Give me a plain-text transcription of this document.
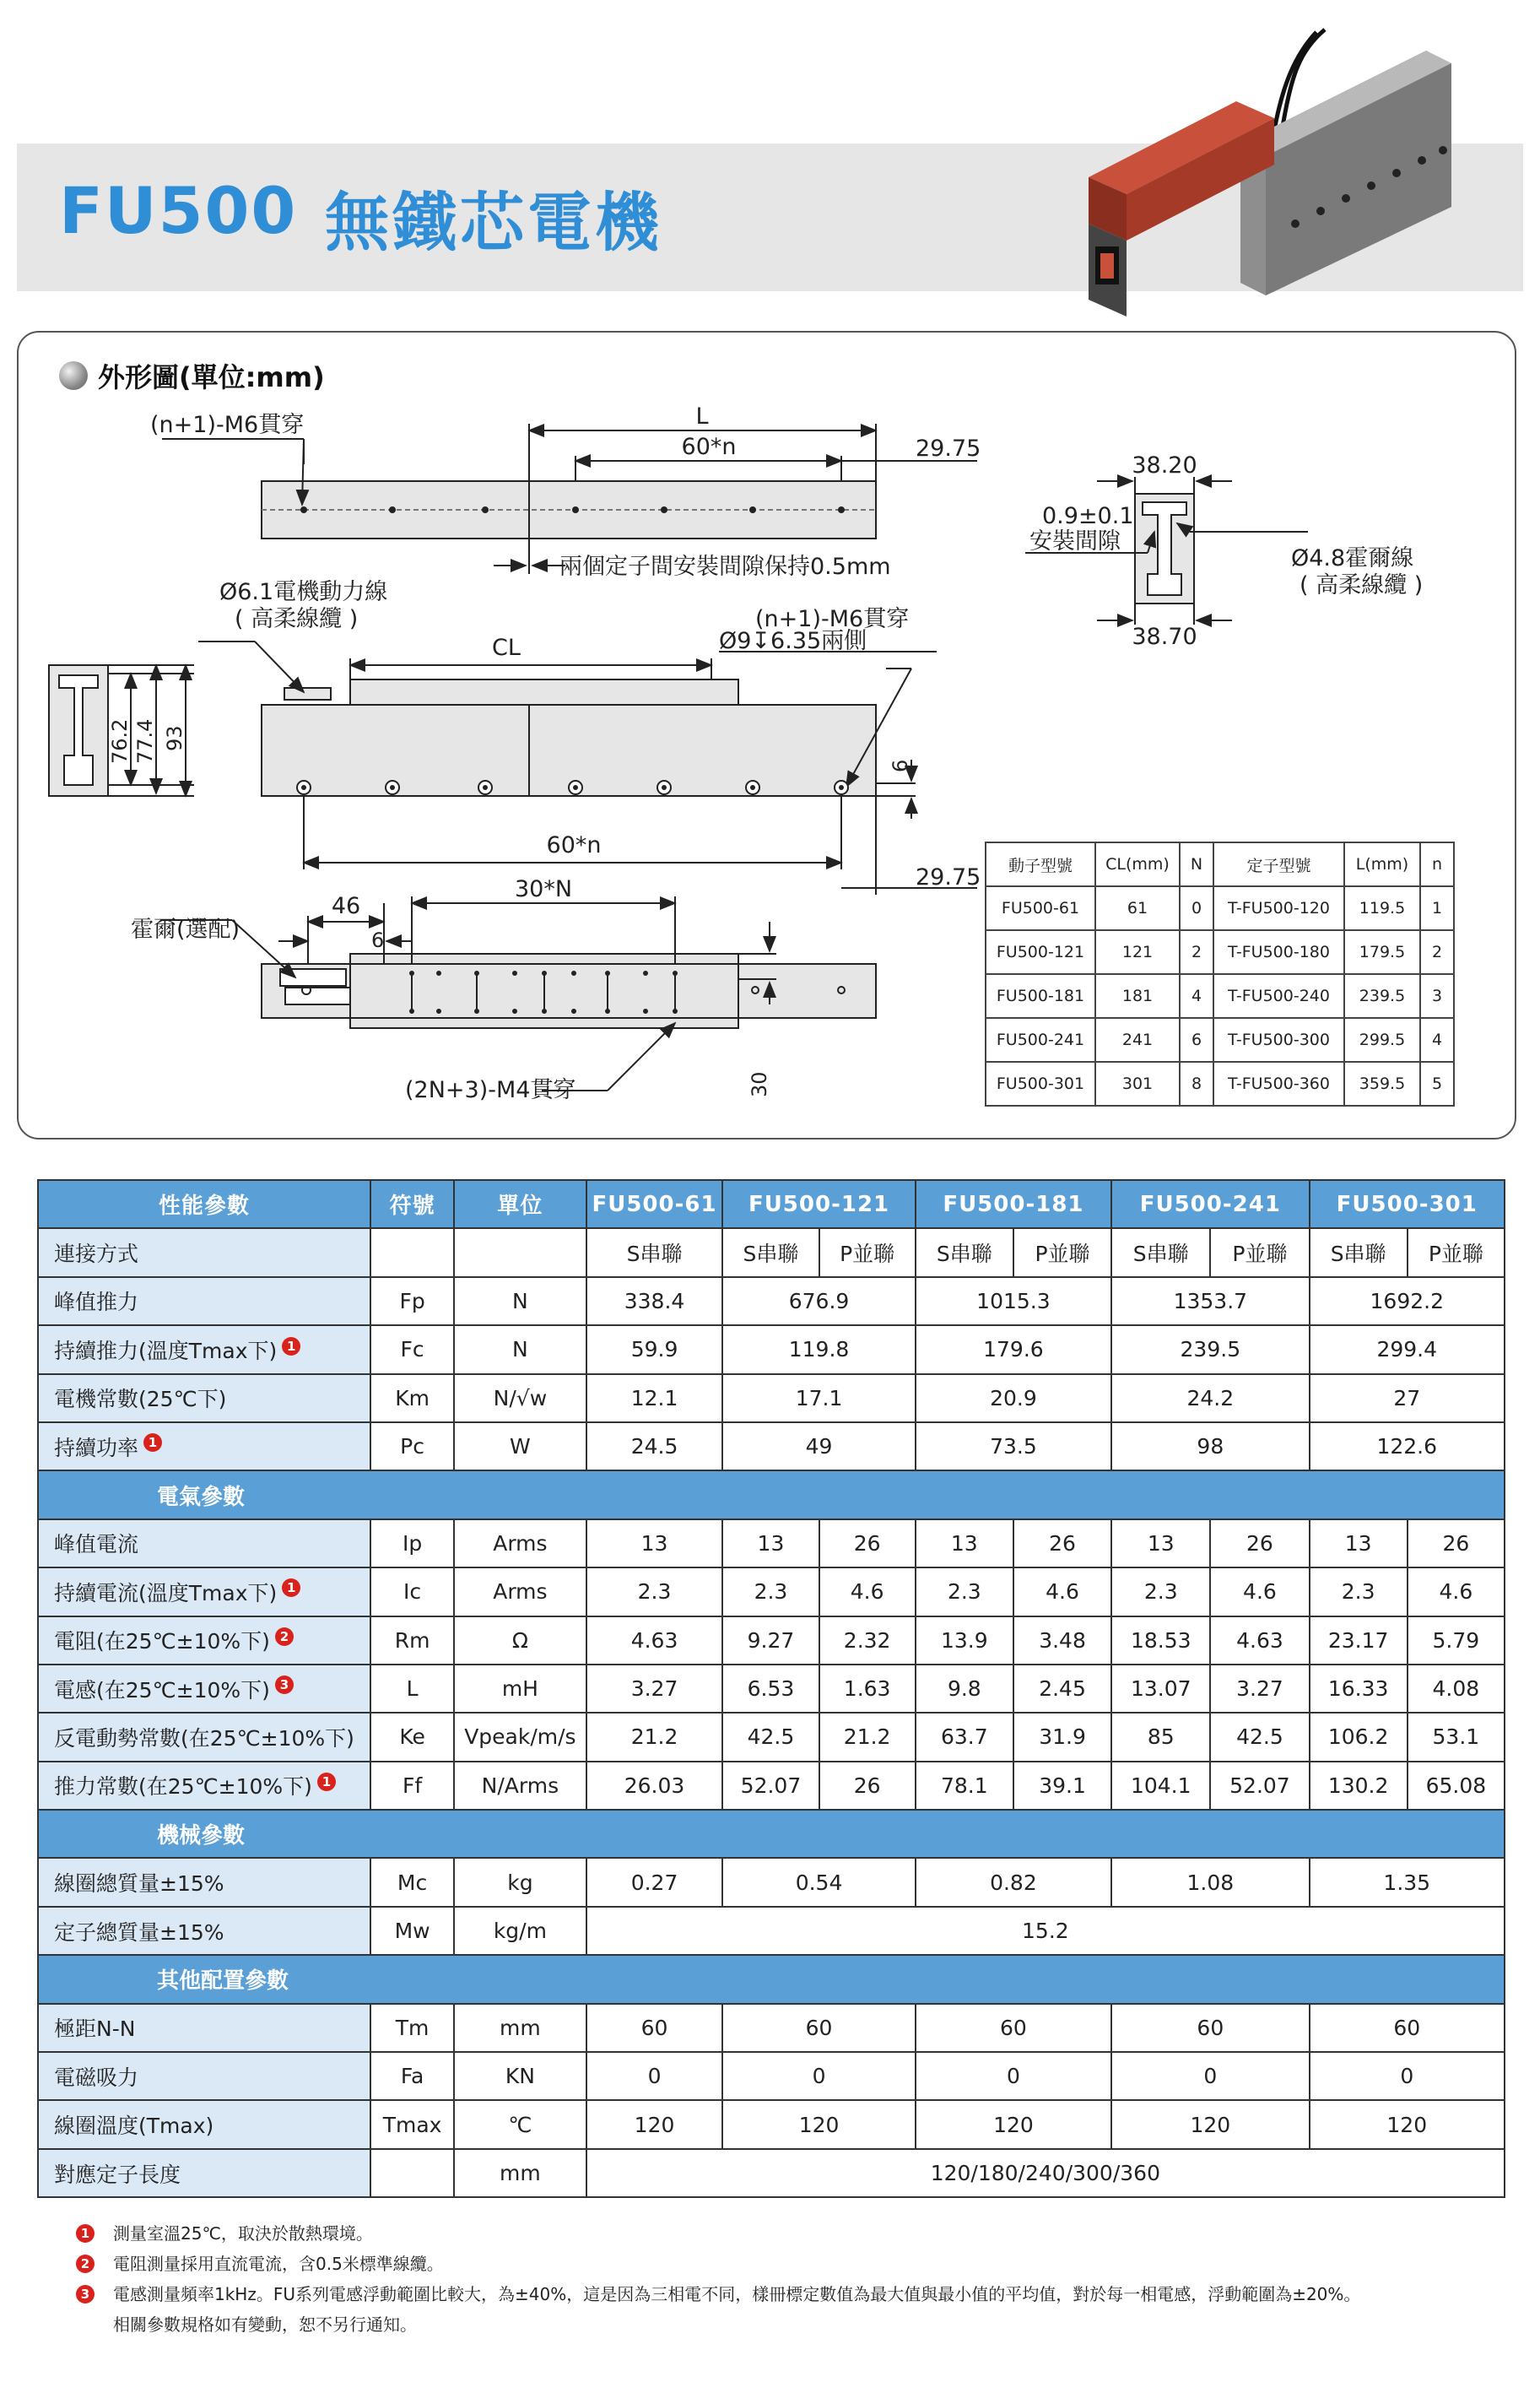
FU500 無鐵芯電機
外形圖(單位:mm)
(n+1)-M6貫穿	L
60*n	29.75
兩個定子間安裝間隙保持0.5mm
Ø6.1電機動力線
( 高柔線纜 )
CL
(n+1)-M6貫穿
Ø9↧6.35兩側
38.20
38.70
0.9±0.1
安裝間隙
Ø4.8霍爾線
( 高柔線纜 )
76.2 77.4 93
6
60*n
29.75
霍爾(選配)
46
6
30*N
(2N+3)-M4貫穿	30
動子型號	CL(mm)	N	定子型號	L(mm)	n
FU500-61	61	0	T-FU500-120	119.5	1
FU500-121	121	2	T-FU500-180	179.5	2
FU500-181	181	4	T-FU500-240	239.5	3
FU500-241	241	6	T-FU500-300	299.5	4
FU500-301	301	8	T-FU500-360	359.5	5
性能參數	符號	單位	FU500-61	FU500-121		FU500-181		FU500-241		FU500-301	
連接方式			S串聯	S串聯	P並聯	S串聯	P並聯	S串聯	P並聯	S串聯	P並聯
峰值推力	Fp	N	338.4	676.9		1015.3		1353.7		1692.2	
持續推力(溫度Tmax下) 1	Fc	N	59.9	119.8		179.6		239.5		299.4	
電機常數(25℃下)	Km	N/√w	12.1	17.1		20.9		24.2		27	
持續功率 1	Pc	W	24.5	49		73.5		98		122.6	
電氣參數											
峰值電流	Ip	Arms	13	13	26	13	26	13	26	13	26
持續電流(溫度Tmax下) 1	Ic	Arms	2.3	2.3	4.6	2.3	4.6	2.3	4.6	2.3	4.6
電阻(在25℃±10%下) 2	Rm	Ω	4.63	9.27	2.32	13.9	3.48	18.53	4.63	23.17	5.79
電感(在25℃±10%下) 3	L	mH	3.27	6.53	1.63	9.8	2.45	13.07	3.27	16.33	4.08
反電動勢常數(在25℃±10%下)	Ke	Vpeak/m/s	21.2	42.5	21.2	63.7	31.9	85	42.5	106.2	53.1
推力常數(在25℃±10%下) 1	Ff	N/Arms	26.03	52.07	26	78.1	39.1	104.1	52.07	130.2	65.08
機械參數											
線圈總質量±15%	Mc	kg	0.27	0.54		0.82		1.08		1.35	
定子總質量±15%	Mw	kg/m	15.2								
其他配置參數											
極距N-N	Tm	mm	60	60		60		60		60	
電磁吸力	Fa	KN	0	0		0		0		0	
線圈溫度(Tmax)	Tmax	℃	120	120		120		120		120	
對應定子長度		mm	120/180/240/300/360								
1 測量室溫25℃，取決於散熱環境。
2 電阻測量採用直流電流，含0.5米標準線纜。
3 電感測量頻率1kHz。FU系列電感浮動範圍比較大，為±40%，這是因為三相電不同，樣冊標定數值為最大值與最小值的平均值，對於每一相電感，浮動範圍為±20%。
相關參數規格如有變動，恕不另行通知。
